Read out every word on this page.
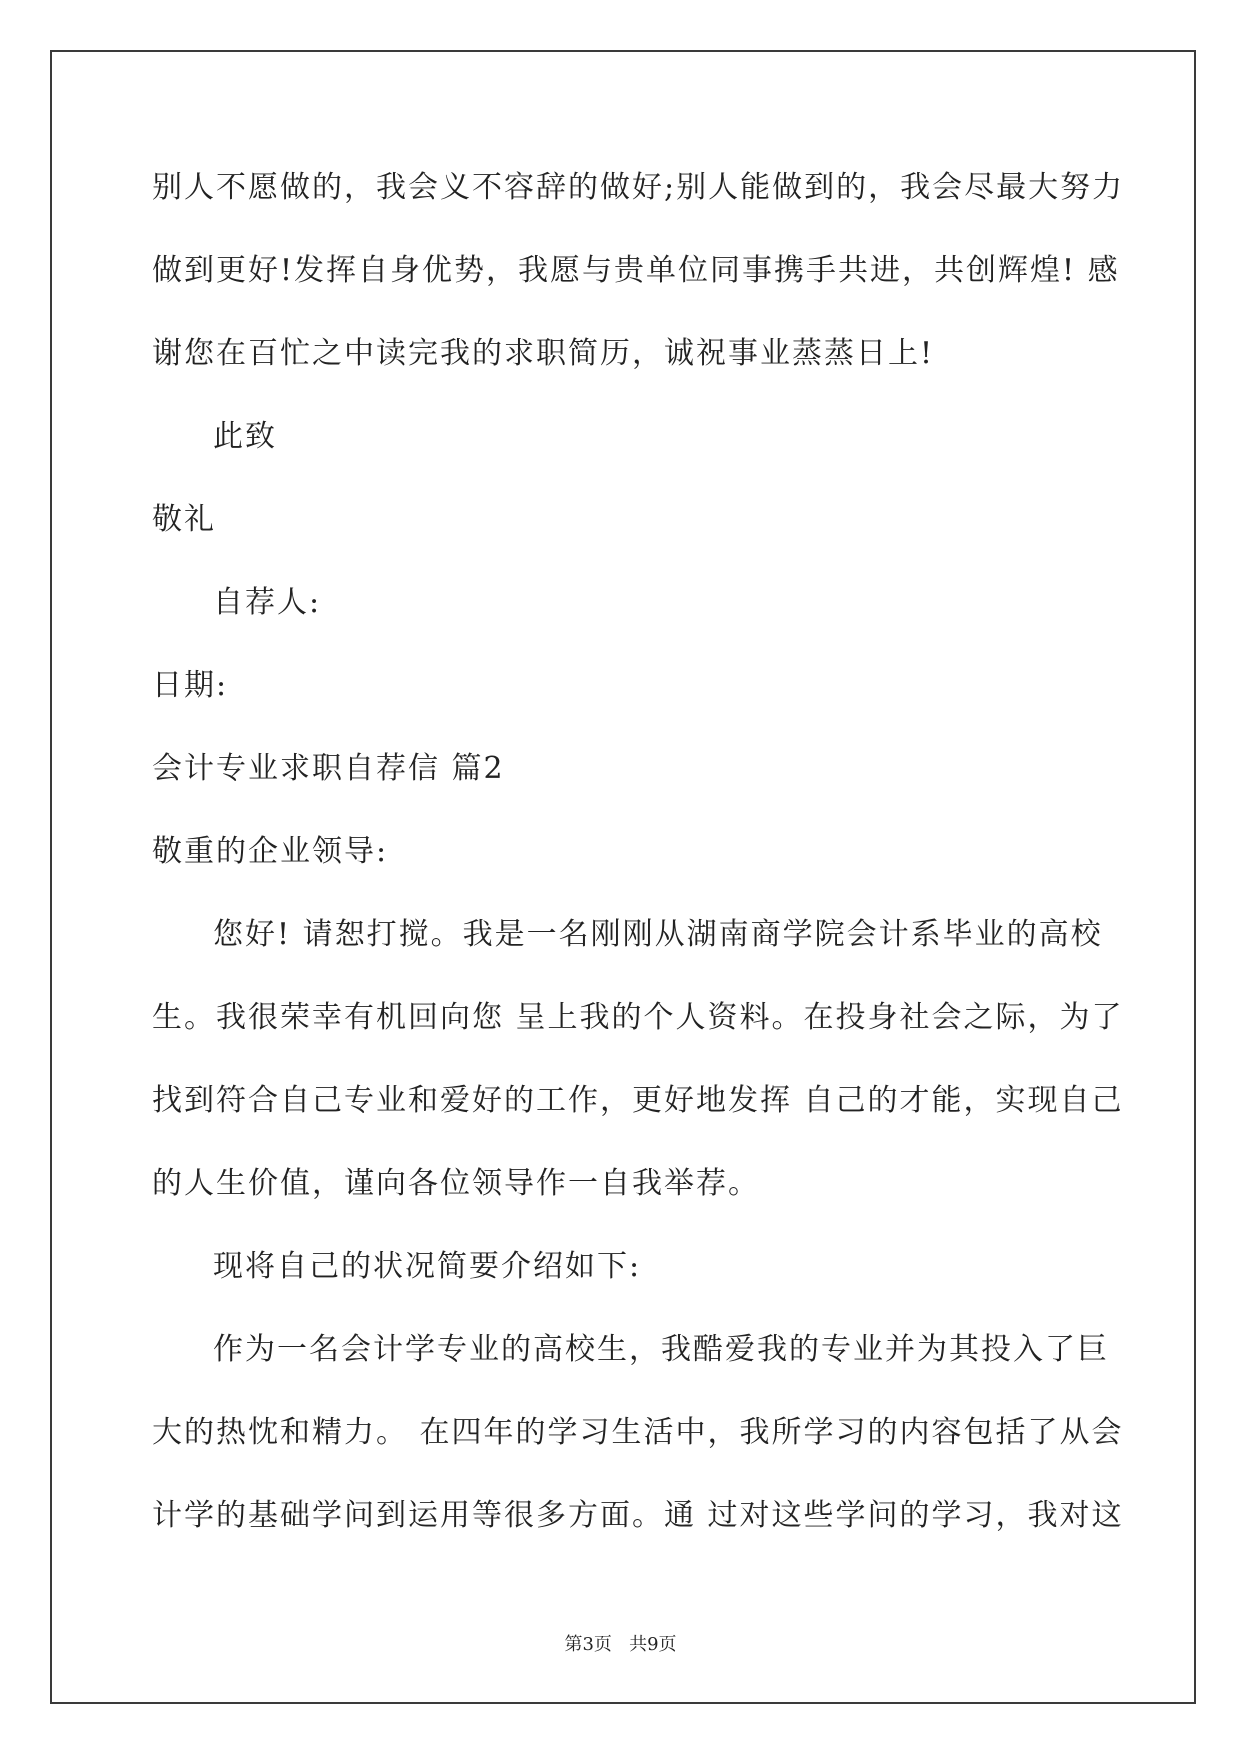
别人不愿做的，我会义不容辞的做好;别人能做到的，我会尽最大努力
做到更好!发挥自身优势，我愿与贵单位同事携手共进，共创辉煌! 感
谢您在百忙之中读完我的求职简历，诚祝事业蒸蒸日上!
此致
敬礼
自荐人:
日期:
会计专业求职自荐信 篇2
敬重的企业领导:
您好! 请恕打搅。我是一名刚刚从湖南商学院会计系毕业的高校
生。我很荣幸有机回向您 呈上我的个人资料。在投身社会之际，为了
找到符合自己专业和爱好的工作，更好地发挥 自己的才能，实现自己
的人生价值，谨向各位领导作一自我举荐。
现将自己的状况简要介绍如下:
作为一名会计学专业的高校生，我酷爱我的专业并为其投入了巨
大的热忱和精力。 在四年的学习生活中，我所学习的内容包括了从会
计学的基础学问到运用等很多方面。通 过对这些学问的学习，我对这
第3页   共9页
